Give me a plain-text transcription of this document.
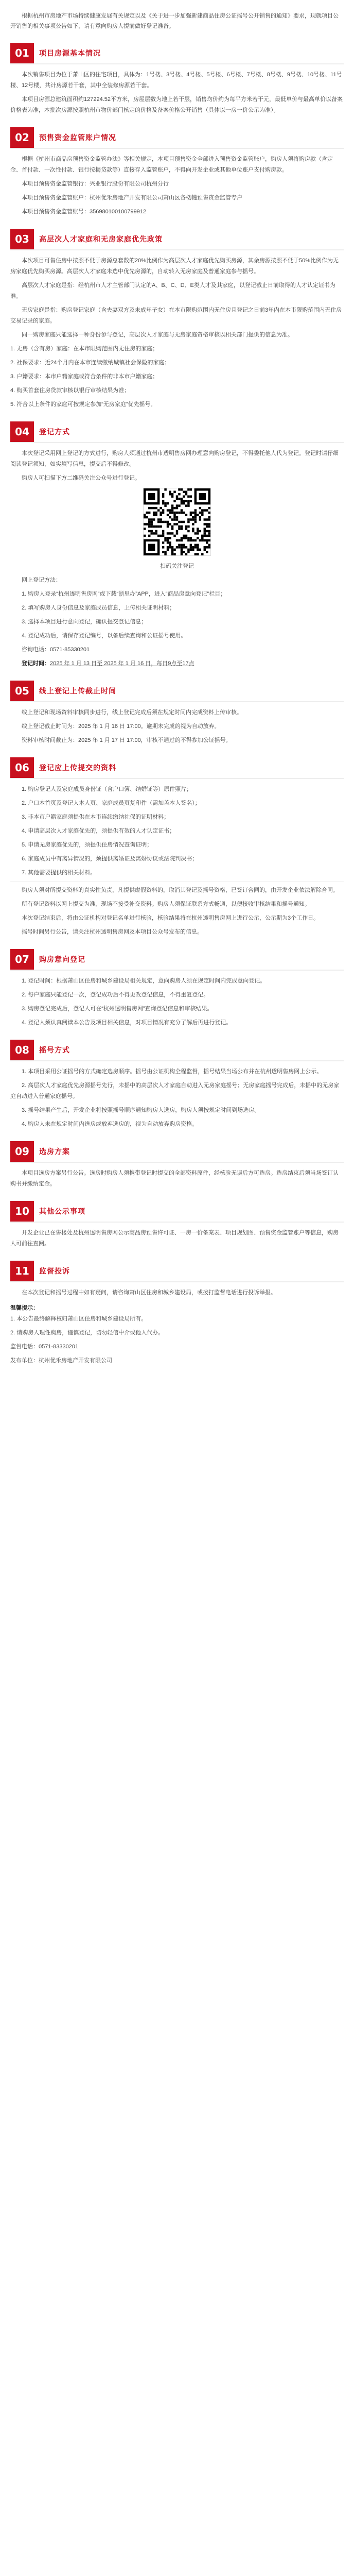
根据杭州市房地产市场持续健康发展有关规定以及《关于进一步加强新建商品住房公证摇号公开销售的通知》要求，现就项目公开销售的相关事项公告如下，请有意向购房人提前做好登记准备。

01	项目房源基本情况

本次销售项目为位于萧山区的住宅项目，具体为：1号楼、3号楼、4号楼、5号楼、6号楼、7号楼、8号楼、9号楼、10号楼、11号楼、12号楼，共计房源若干套，其中全装修房源若干套。

本项目房源总建筑面积约127224.52平方米，房屋层数为地上若干层，销售均价约为每平方米若干元，最低单价与最高单价以备案价格表为准，本批次房源按照杭州市物价部门核定的价格及备案价格公开销售（具体以一房一价公示为准）。

02	预售资金监管账户情况

根据《杭州市商品房预售资金监管办法》等相关规定，本项目预售资金全部进入预售资金监管账户，购房人须将购房款（含定金、首付款、一次性付款、银行按揭贷款等）直接存入监管账户，不得向开发企业或其他单位账户支付购房款。

本项目预售资金监管银行：兴业银行股份有限公司杭州分行

本项目预售资金监管账户：杭州优禾房地产开发有限公司萧山区各楼幢预售资金监管专户

本项目预售资金监管账号：356980100100799912

03	高层次人才家庭和无房家庭优先政策

本次项目可售住房中按照不低于房源总套数的20%比例作为高层次人才家庭优先购买房源，其余房源按照不低于50%比例作为无房家庭优先购买房源。高层次人才家庭未选中优先房源的，自动转入无房家庭及普通家庭参与摇号。

高层次人才家庭是指：经杭州市人才主管部门认定的A、B、C、D、E类人才及其家庭，以登记截止日前取得的人才认定证书为准。

无房家庭是指：购房登记家庭（含夫妻双方及未成年子女）在本市限购范围内无住房且登记之日前3年内在本市限购范围内无住房交易记录的家庭。

同一购房家庭只能选择一种身份参与登记，高层次人才家庭与无房家庭资格审核以相关部门提供的信息为准。

1. 无房（含有房）家庭：在本市限购范围内无住房的家庭；

2. 社保要求：近24个月内在本市连续缴纳城镇社会保险的家庭；

3. 户籍要求：本市户籍家庭或符合条件的非本市户籍家庭；

4. 购买首套住房贷款审核以银行审核结果为准；

5. 符合以上条件的家庭可按规定参加“无房家庭”优先摇号。

04	登记方式

本次登记采用网上登记的方式进行，购房人须通过杭州市透明售房网办理意向购房登记，不得委托他人代为登记。登记时请仔细阅读登记须知，如实填写信息，提交后不得修改。

购房人可扫描下方二维码关注公众号进行登记。

扫码关注登记

网上登记方法：

1. 购房人登录“杭州透明售房网”或下载“浙里办”APP，进入“商品房意向登记”栏目；

2. 填写购房人身份信息及家庭成员信息，上传相关证明材料；

3. 选择本项目进行意向登记，确认提交登记信息；

4. 登记成功后，请保存登记编号，以备后续查询和公证摇号使用。

咨询电话：0571-85330201

登记时间：2025 年 1 月 13 日至 2025 年 1 月 16 日，每日9点至17点

05	线上登记上传截止时间

线上登记和现场资料审核同步进行，线上登记完成后须在规定时间内完成资料上传审核。

线上登记截止时间为：2025 年 1 月 16 日 17:00。逾期未完成的视为自动放弃。

资料审核时间截止为：2025 年 1 月 17 日 17:00，审核不通过的不得参加公证摇号。

06	登记应上传提交的资料

1. 购房登记人及家庭成员身份证（含户口簿、结婚证等）原件照片；

2. 户口本首页及登记人本人页、家庭成员页复印件（需加盖本人签名）；

3. 非本市户籍家庭须提供在本市连续缴纳社保的证明材料；

4. 申请高层次人才家庭优先的，须提供有效的人才认定证书；

5. 申请无房家庭优先的，须提供住房情况查询证明；

6. 家庭成员中有离异情况的，须提供离婚证及离婚协议或法院判决书；

7. 其他需要提供的相关材料。

购房人须对所提交资料的真实性负责，凡提供虚假资料的，取消其登记及摇号资格，已签订合同的，由开发企业依法解除合同。

所有登记资料以网上提交为准，现场不接受补交资料。购房人须保证联系方式畅通，以便接收审核结果和摇号通知。

本次登记结束后，将由公证机构对登记名单进行核验，核验结果将在杭州透明售房网上进行公示，公示期为3个工作日。

摇号时间另行公告，请关注杭州透明售房网及本项目公众号发布的信息。

07	购房意向登记

1. 登记时间：根据萧山区住房和城乡建设局相关规定，意向购房人须在规定时间内完成意向登记。

2. 每户家庭只能登记一次，登记成功后不得更改登记信息，不得重复登记。

3. 购房登记完成后，登记人可在“杭州透明售房网”查询登记信息和审核结果。

4. 登记人须认真阅读本公告及项目相关信息，对项目情况有充分了解后再进行登记。

08	摇号方式

1. 本项目采用公证摇号的方式确定选房顺序。摇号由公证机构全程监督，摇号结果当场公布并在杭州透明售房网上公示。

2. 高层次人才家庭优先房源摇号先行，未摇中的高层次人才家庭自动进入无房家庭摇号；无房家庭摇号完成后，未摇中的无房家庭自动进入普通家庭摇号。

3. 摇号结果产生后，开发企业将按照摇号顺序通知购房人选房，购房人须按规定时间到场选房。

4. 购房人未在规定时间内选房或放弃选房的，视为自动放弃购房资格。

09	选房方案

本项目选房方案另行公告。选房时购房人须携带登记时提交的全部资料原件，经核验无误后方可选房。选房结束后须当场签订认购书并缴纳定金。

10	其他公示事项

开发企业已在售楼处及杭州透明售房网公示商品房预售许可证、一房一价备案表、项目规划图、预售资金监管账户等信息，购房人可前往查阅。

11	监督投诉

在本次登记和摇号过程中如有疑问，请咨询萧山区住房和城乡建设局，或拨打监督电话进行投诉举报。

温馨提示：

1. 本公告最终解释权归萧山区住房和城乡建设局所有。

2. 请购房人理性购房，谨慎登记，切勿轻信中介或他人代办。

监督电话：0571-83330201

发布单位：杭州优禾房地产开发有限公司
